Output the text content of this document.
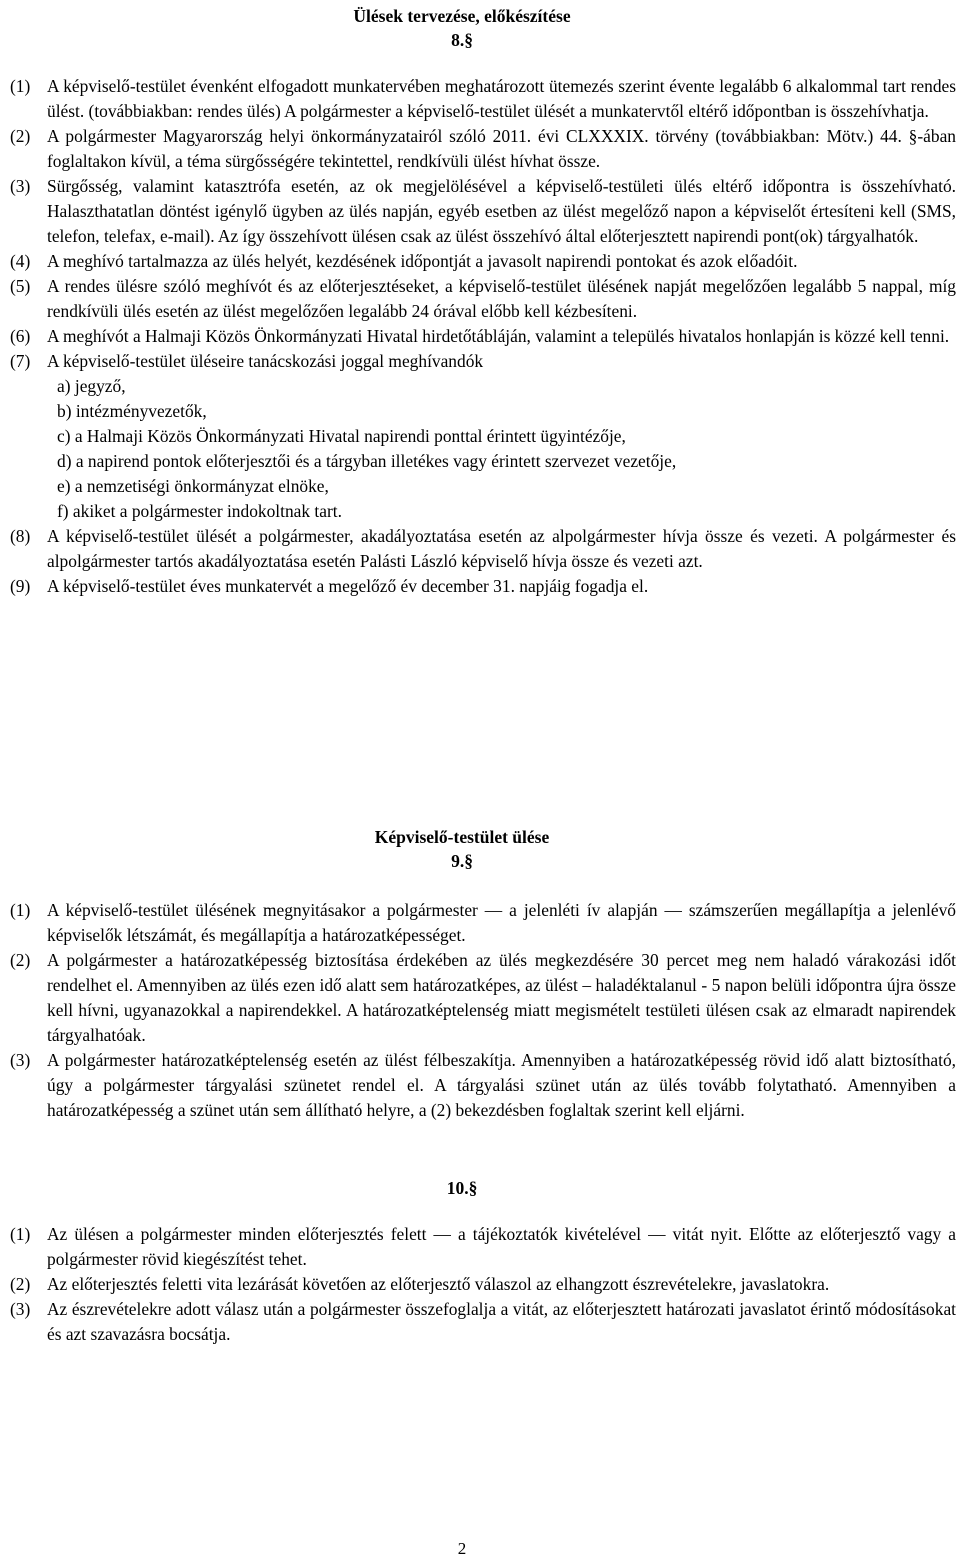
Ülések tervezése, előkészítése

8.§

(1) A képviselő-testület évenként elfogadott munkatervében meghatározott ütemezés szerint évente legalább 6 alkalommal tart rendes ülést. (továbbiakban: rendes ülés) A polgármester a képviselő-testület ülését a munkatervtől eltérő időpontban is összehívhatja.
(2) A polgármester Magyarország helyi önkormányzatairól szóló 2011. évi CLXXXIX. törvény (továbbiakban: Mötv.) 44. §-ában foglaltakon kívül, a téma sürgősségére tekintettel, rendkívüli ülést hívhat össze.
(3) Sürgősség, valamint katasztrófa esetén, az ok megjelölésével a képviselő-testületi ülés eltérő időpontra is összehívható. Halaszthatatlan döntést igénylő ügyben az ülés napján, egyéb esetben az ülést megelőző napon a képviselőt értesíteni kell (SMS, telefon, telefax, e-mail). Az így összehívott ülésen csak az ülést összehívó által előterjesztett napirendi pont(ok) tárgyalhatók.
(4) A meghívó tartalmazza az ülés helyét, kezdésének időpontját a javasolt napirendi pontokat és azok előadóit.
(5) A rendes ülésre szóló meghívót és az előterjesztéseket, a képviselő-testület ülésének napját megelőzően legalább 5 nappal, míg rendkívüli ülés esetén az ülést megelőzően legalább 24 órával előbb kell kézbesíteni.
(6) A meghívót a Halmaji Közös Önkormányzati Hivatal hirdetőtábláján, valamint a település hivatalos honlapján is közzé kell tenni.
(7) A képviselő-testület üléseire tanácskozási joggal meghívandók

a) jegyző,

b) intézményvezetők,

c) a Halmaji Közös Önkormányzati Hivatal napirendi ponttal érintett ügyintézője,

d) a napirend pontok előterjesztői és a tárgyban illetékes vagy érintett szervezet vezetője,

e) a nemzetiségi önkormányzat elnöke,

f) akiket a polgármester indokoltnak tart.

(8) A képviselő-testület ülését a polgármester, akadályoztatása esetén az alpolgármester hívja össze és vezeti. A polgármester és alpolgármester tartós akadályoztatása esetén Palásti László képviselő hívja össze és vezeti azt.
(9) A képviselő-testület éves munkatervét a megelőző év december 31. napjáig fogadja el.

Képviselő-testület ülése

9.§

(1) A képviselő-testület ülésének megnyitásakor a polgármester — a jelenléti ív alapján — számszerűen megállapítja a jelenlévő képviselők létszámát, és megállapítja a határozatképességet.
(2) A polgármester a határozatképesség biztosítása érdekében az ülés megkezdésére 30 percet meg nem haladó várakozási időt rendelhet el. Amennyiben az ülés ezen idő alatt sem határozatképes, az ülést – haladéktalanul - 5 napon belüli időpontra újra össze kell hívni, ugyanazokkal a napirendekkel. A határozatképtelenség miatt megismételt testületi ülésen csak az elmaradt napirendek tárgyalhatóak.
(3) A polgármester határozatképtelenség esetén az ülést félbeszakítja. Amennyiben a határozatképesség rövid idő alatt biztosítható, úgy a polgármester tárgyalási szünetet rendel el. A tárgyalási szünet után az ülés tovább folytatható. Amennyiben a határozatképesség a szünet után sem állítható helyre, a (2) bekezdésben foglaltak szerint kell eljárni.

10.§

(1) Az ülésen a polgármester minden előterjesztés felett — a tájékoztatók kivételével — vitát nyit. Előtte az előterjesztő vagy a polgármester rövid kiegészítést tehet.
(2) Az előterjesztés feletti vita lezárását követően az előterjesztő válaszol az elhangzott észrevételekre, javaslatokra.
(3) Az észrevételekre adott válasz után a polgármester összefoglalja a vitát, az előterjesztett határozati javaslatot érintő módosításokat és azt szavazásra bocsátja.
2
